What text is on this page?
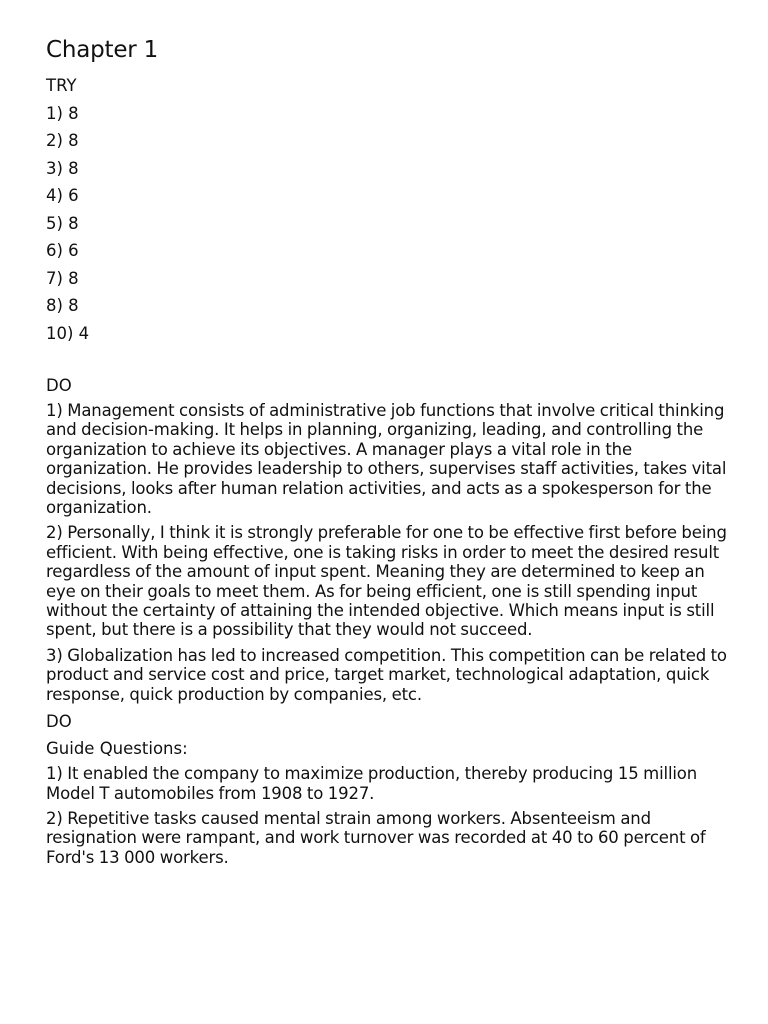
Chapter 1

TRY

1) 8
2) 8
3) 8
4) 6
5) 8
6) 6
7) 8
8) 8
10) 4

DO

1) Management consists of administrative job functions that involve critical thinking and decision-making. It helps in planning, organizing, leading, and controlling the organization to achieve its objectives. A manager plays a vital role in the organization. He provides leadership to others, supervises staff activities, takes vital decisions, looks after human relation activities, and acts as a spokesperson for the organization.

2) Personally, I think it is strongly preferable for one to be effective first before being efficient. With being effective, one is taking risks in order to meet the desired result regardless of the amount of input spent. Meaning they are determined to keep an eye on their goals to meet them. As for being efficient, one is still spending input without the certainty of attaining the intended objective. Which means input is still spent, but there is a possibility that they would not succeed.

3) Globalization has led to increased competition. This competition can be related to product and service cost and price, target market, technological adaptation, quick response, quick production by companies, etc.

DO

Guide Questions:

1) It enabled the company to maximize production, thereby producing 15 million Model T automobiles from 1908 to 1927.

2) Repetitive tasks caused mental strain among workers. Absenteeism and resignation were rampant, and work turnover was recorded at 40 to 60 percent of Ford's 13 000 workers.
